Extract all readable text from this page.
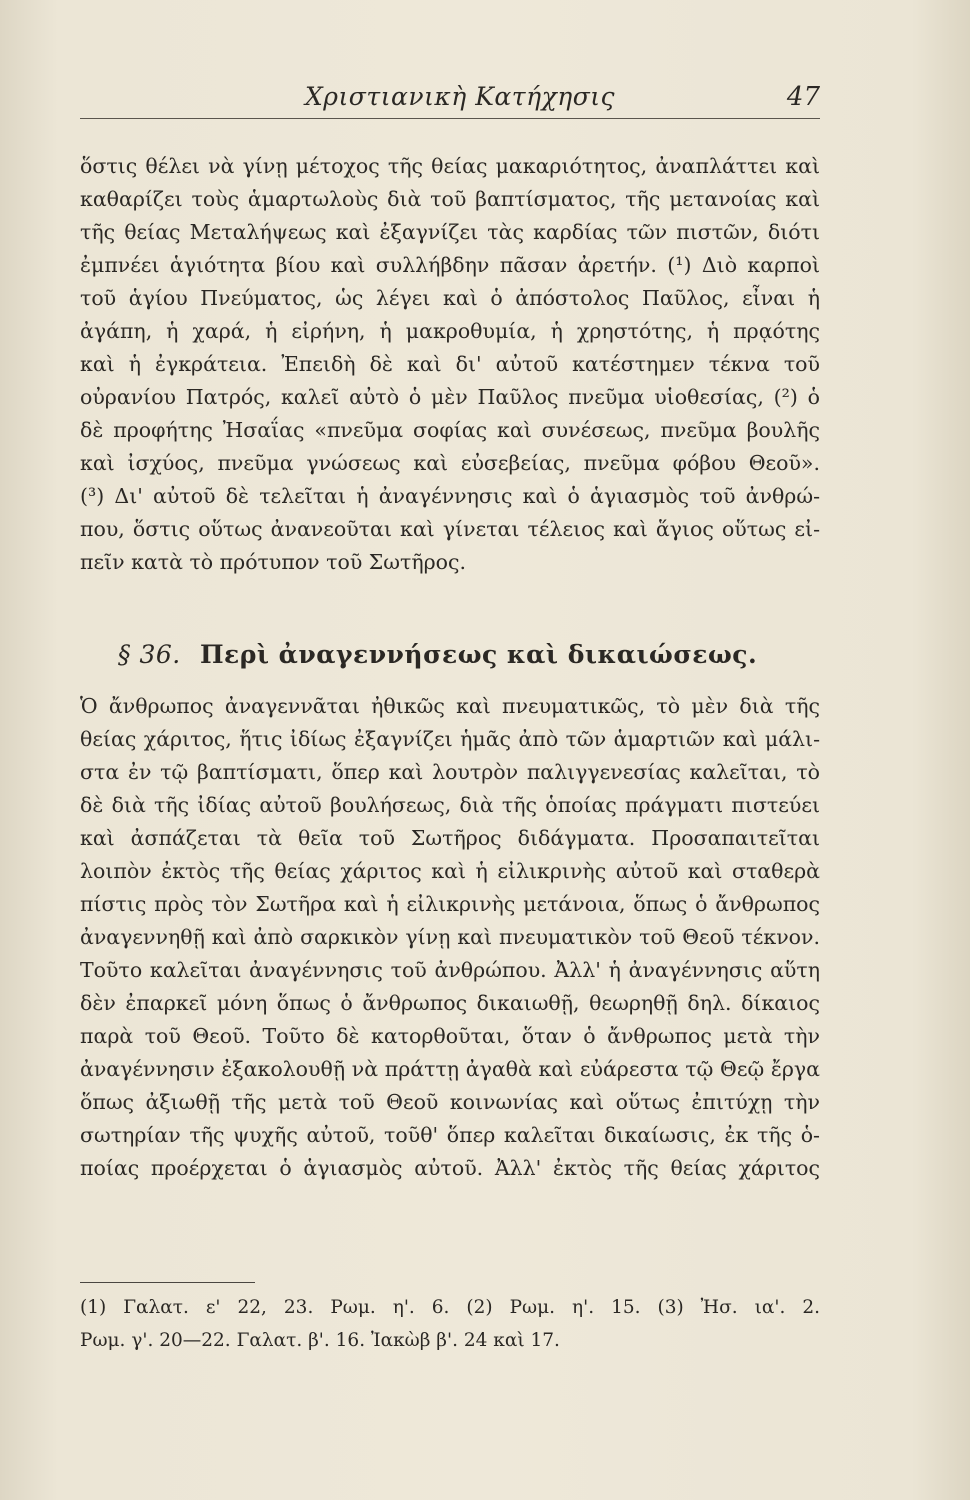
Χριστιανικὴ Κατήχησις	47
ὅστις θέλει νὰ γίνῃ μέτοχος τῆς θείας μακαριότητος, ἀναπλάττει καὶ
καθαρίζει τοὺς ἁμαρτωλοὺς διὰ τοῦ βαπτίσματος, τῆς μετανοίας καὶ
τῆς θείας Μεταλήψεως καὶ ἐξαγνίζει τὰς καρδίας τῶν πιστῶν, διότι
ἐμπνέει ἁγιότητα βίου καὶ συλλήβδην πᾶσαν ἀρετήν. (¹) Διὸ καρποὶ
τοῦ ἁγίου Πνεύματος, ὡς λέγει καὶ ὁ ἀπόστολος Παῦλος, εἶναι ἡ
ἀγάπη, ἡ χαρά, ἡ εἰρήνη, ἡ μακροθυμία, ἡ χρηστότης, ἡ πρᾳότης
καὶ ἡ ἐγκράτεια. Ἐπειδὴ δὲ καὶ δι' αὐτοῦ κατέστημεν τέκνα τοῦ
οὐρανίου Πατρός, καλεῖ αὐτὸ ὁ μὲν Παῦλος πνεῦμα υἱοθεσίας, (²) ὁ
δὲ προφήτης Ἠσαΐας «πνεῦμα σοφίας καὶ συνέσεως, πνεῦμα βουλῆς
καὶ ἰσχύος, πνεῦμα γνώσεως καὶ εὐσεβείας, πνεῦμα φόβου Θεοῦ».
(³) Δι' αὐτοῦ δὲ τελεῖται ἡ ἀναγέννησις καὶ ὁ ἁγιασμὸς τοῦ ἀνθρώ-
που, ὅστις οὕτως ἀνανεοῦται καὶ γίνεται τέλειος καὶ ἅγιος οὕτως εἰ-
πεῖν κατὰ τὸ πρότυπον τοῦ Σωτῆρος.
§ 36. Περὶ ἀναγεννήσεως καὶ δικαιώσεως.
Ὁ ἄνθρωπος ἀναγεννᾶται ἠθικῶς καὶ πνευματικῶς, τὸ μὲν διὰ τῆς
θείας χάριτος, ἥτις ἰδίως ἐξαγνίζει ἡμᾶς ἀπὸ τῶν ἁμαρτιῶν καὶ μάλι-
στα ἐν τῷ βαπτίσματι, ὅπερ καὶ λουτρὸν παλιγγενεσίας καλεῖται, τὸ
δὲ διὰ τῆς ἰδίας αὐτοῦ βουλήσεως, διὰ τῆς ὁποίας πράγματι πιστεύει
καὶ ἀσπάζεται τὰ θεῖα τοῦ Σωτῆρος διδάγματα. Προσαπαιτεῖται
λοιπὸν ἐκτὸς τῆς θείας χάριτος καὶ ἡ εἰλικρινὴς αὐτοῦ καὶ σταθερὰ
πίστις πρὸς τὸν Σωτῆρα καὶ ἡ εἰλικρινὴς μετάνοια, ὅπως ὁ ἄνθρωπος
ἀναγεννηθῇ καὶ ἀπὸ σαρκικὸν γίνῃ καὶ πνευματικὸν τοῦ Θεοῦ τέκνον.
Τοῦτο καλεῖται ἀναγέννησις τοῦ ἀνθρώπου. Ἀλλ' ἡ ἀναγέννησις αὕτη
δὲν ἐπαρκεῖ μόνη ὅπως ὁ ἄνθρωπος δικαιωθῇ, θεωρηθῇ δηλ. δίκαιος
παρὰ τοῦ Θεοῦ. Τοῦτο δὲ κατορθοῦται, ὅταν ὁ ἄνθρωπος μετὰ τὴν
ἀναγέννησιν ἐξακολουθῇ νὰ πράττῃ ἀγαθὰ καὶ εὐάρεστα τῷ Θεῷ ἔργα
ὅπως ἀξιωθῇ τῆς μετὰ τοῦ Θεοῦ κοινωνίας καὶ οὕτως ἐπιτύχῃ τὴν
σωτηρίαν τῆς ψυχῆς αὐτοῦ, τοῦθ' ὅπερ καλεῖται δικαίωσις, ἐκ τῆς ὁ-
ποίας προέρχεται ὁ ἁγιασμὸς αὐτοῦ. Ἀλλ' ἐκτὸς τῆς θείας χάριτος
(1) Γαλατ. ε' 22, 23. Ρωμ. η'. 6. (2) Ρωμ. η'. 15. (3) Ἠσ. ια'. 2.
Ρωμ. γ'. 20—22. Γαλατ. β'. 16. Ἰακὼβ β'. 24 καὶ 17.
